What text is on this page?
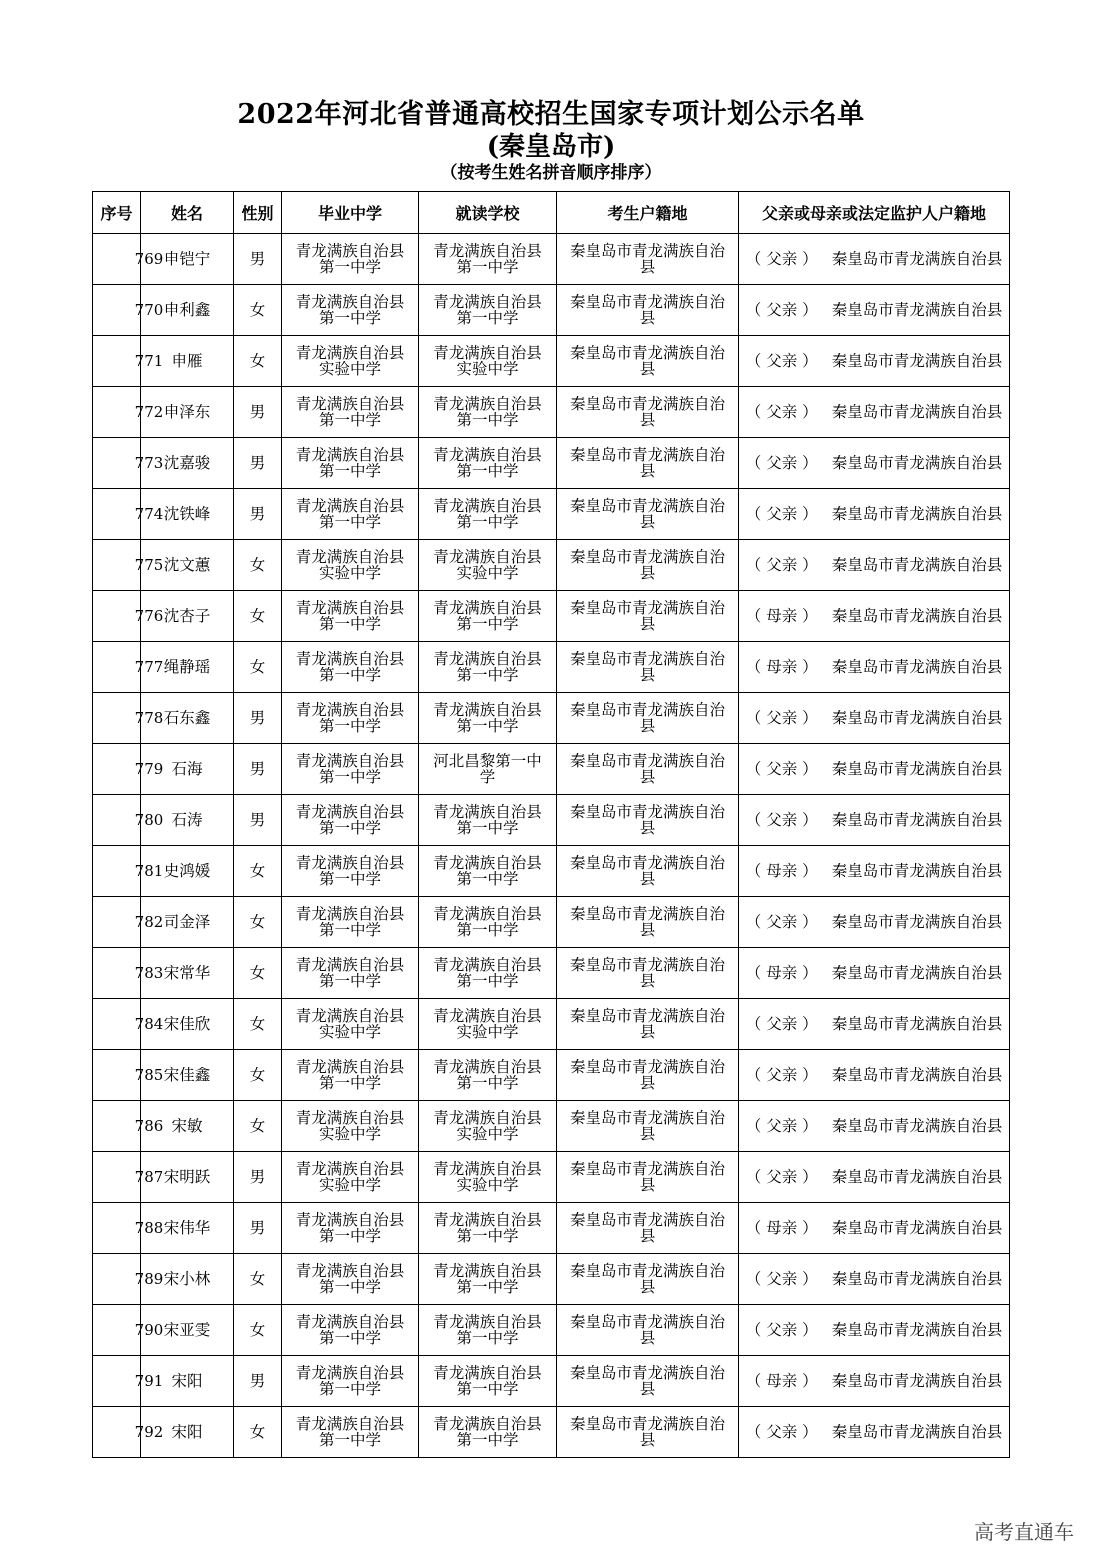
2022年河北省普通高校招生国家专项计划公示名单
(秦皇岛市)
（按考生姓名拼音顺序排序）
序号	姓名	性别	毕业中学	就读学校	考生户籍地	父亲或母亲或法定监护人户籍地

769	申铠宁	男	青龙满族自治县第一中学	青龙满族自治县第一中学	秦皇岛市青龙满族自治县	（ 父亲 ） 秦皇岛市青龙满族自治县

770	申利鑫	女	青龙满族自治县第一中学	青龙满族自治县第一中学	秦皇岛市青龙满族自治县	（ 父亲 ） 秦皇岛市青龙满族自治县

771	申雁	女	青龙满族自治县实验中学	青龙满族自治县实验中学	秦皇岛市青龙满族自治县	（ 父亲 ） 秦皇岛市青龙满族自治县

772	申泽东	男	青龙满族自治县第一中学	青龙满族自治县第一中学	秦皇岛市青龙满族自治县	（ 父亲 ） 秦皇岛市青龙满族自治县

773	沈嘉骏	男	青龙满族自治县第一中学	青龙满族自治县第一中学	秦皇岛市青龙满族自治县	（ 父亲 ） 秦皇岛市青龙满族自治县

774	沈铁峰	男	青龙满族自治县第一中学	青龙满族自治县第一中学	秦皇岛市青龙满族自治县	（ 父亲 ） 秦皇岛市青龙满族自治县

775	沈文蕙	女	青龙满族自治县实验中学	青龙满族自治县实验中学	秦皇岛市青龙满族自治县	（ 父亲 ） 秦皇岛市青龙满族自治县

776	沈杏子	女	青龙满族自治县第一中学	青龙满族自治县第一中学	秦皇岛市青龙满族自治县	（ 母亲 ） 秦皇岛市青龙满族自治县

777	绳静瑶	女	青龙满族自治县第一中学	青龙满族自治县第一中学	秦皇岛市青龙满族自治县	（ 母亲 ） 秦皇岛市青龙满族自治县

778	石东鑫	男	青龙满族自治县第一中学	青龙满族自治县第一中学	秦皇岛市青龙满族自治县	（ 父亲 ） 秦皇岛市青龙满族自治县

779	石海	男	青龙满族自治县第一中学	河北昌黎第一中学	秦皇岛市青龙满族自治县	（ 父亲 ） 秦皇岛市青龙满族自治县

780	石涛	男	青龙满族自治县第一中学	青龙满族自治县第一中学	秦皇岛市青龙满族自治县	（ 父亲 ） 秦皇岛市青龙满族自治县

781	史鸿媛	女	青龙满族自治县第一中学	青龙满族自治县第一中学	秦皇岛市青龙满族自治县	（ 母亲 ） 秦皇岛市青龙满族自治县

782	司金泽	女	青龙满族自治县第一中学	青龙满族自治县第一中学	秦皇岛市青龙满族自治县	（ 父亲 ） 秦皇岛市青龙满族自治县

783	宋常华	女	青龙满族自治县第一中学	青龙满族自治县第一中学	秦皇岛市青龙满族自治县	（ 母亲 ） 秦皇岛市青龙满族自治县

784	宋佳欣	女	青龙满族自治县实验中学	青龙满族自治县实验中学	秦皇岛市青龙满族自治县	（ 父亲 ） 秦皇岛市青龙满族自治县

785	宋佳鑫	女	青龙满族自治县第一中学	青龙满族自治县第一中学	秦皇岛市青龙满族自治县	（ 父亲 ） 秦皇岛市青龙满族自治县

786	宋敏	女	青龙满族自治县实验中学	青龙满族自治县实验中学	秦皇岛市青龙满族自治县	（ 父亲 ） 秦皇岛市青龙满族自治县

787	宋明跃	男	青龙满族自治县实验中学	青龙满族自治县实验中学	秦皇岛市青龙满族自治县	（ 父亲 ） 秦皇岛市青龙满族自治县

788	宋伟华	男	青龙满族自治县第一中学	青龙满族自治县第一中学	秦皇岛市青龙满族自治县	（ 母亲 ） 秦皇岛市青龙满族自治县

789	宋小林	女	青龙满族自治县第一中学	青龙满族自治县第一中学	秦皇岛市青龙满族自治县	（ 父亲 ） 秦皇岛市青龙满族自治县

790	宋亚雯	女	青龙满族自治县第一中学	青龙满族自治县第一中学	秦皇岛市青龙满族自治县	（ 父亲 ） 秦皇岛市青龙满族自治县

791	宋阳	男	青龙满族自治县第一中学	青龙满族自治县第一中学	秦皇岛市青龙满族自治县	（ 母亲 ） 秦皇岛市青龙满族自治县

792	宋阳	女	青龙满族自治县第一中学	青龙满族自治县第一中学	秦皇岛市青龙满族自治县	（ 父亲 ） 秦皇岛市青龙满族自治县
高考直通车
